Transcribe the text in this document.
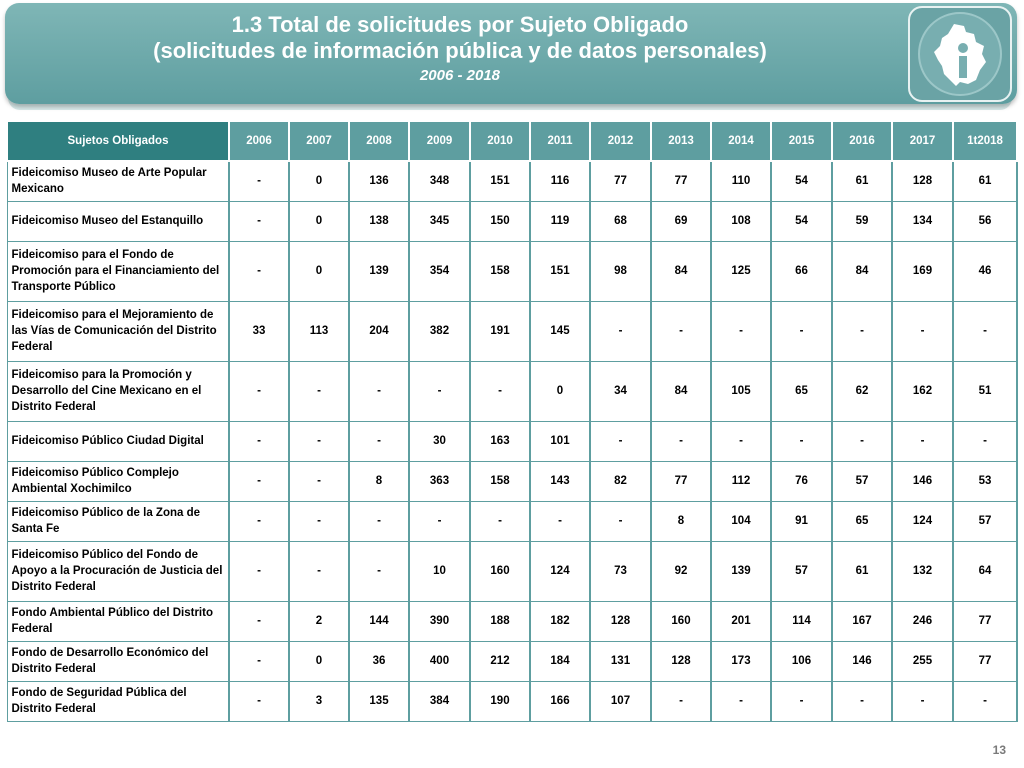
1.3 Total de solicitudes por Sujeto Obligado
(solicitudes de información pública y de datos personales)
2006 - 2018
Sujetos Obligados	2006	2007	2008	2009	2010	2011	2012	2013	2014	2015	2016	2017	1t2018
Fideicomiso Museo de Arte Popular Mexicano	-	0	136	348	151	116	77	77	110	54	61	128	61
Fideicomiso Museo del Estanquillo	-	0	138	345	150	119	68	69	108	54	59	134	56
Fideicomiso para el Fondo de Promoción para el Financiamiento del Transporte Público	-	0	139	354	158	151	98	84	125	66	84	169	46
Fideicomiso para el Mejoramiento de las Vías de Comunicación del Distrito Federal	33	113	204	382	191	145	-	-	-	-	-	-	-
Fideicomiso para la Promoción y Desarrollo del Cine Mexicano en el Distrito Federal	-	-	-	-	-	0	34	84	105	65	62	162	51
Fideicomiso Público Ciudad Digital	-	-	-	30	163	101	-	-	-	-	-	-	-
Fideicomiso Público Complejo Ambiental Xochimilco	-	-	8	363	158	143	82	77	112	76	57	146	53
Fideicomiso Público de la Zona de Santa Fe	-	-	-	-	-	-	-	8	104	91	65	124	57
Fideicomiso Público del Fondo de Apoyo a la Procuración de Justicia del Distrito Federal	-	-	-	10	160	124	73	92	139	57	61	132	64
Fondo Ambiental Público del Distrito Federal	-	2	144	390	188	182	128	160	201	114	167	246	77
Fondo de Desarrollo Económico del Distrito Federal	-	0	36	400	212	184	131	128	173	106	146	255	77
Fondo de Seguridad Pública del Distrito Federal	-	3	135	384	190	166	107	-	-	-	-	-	-
13
